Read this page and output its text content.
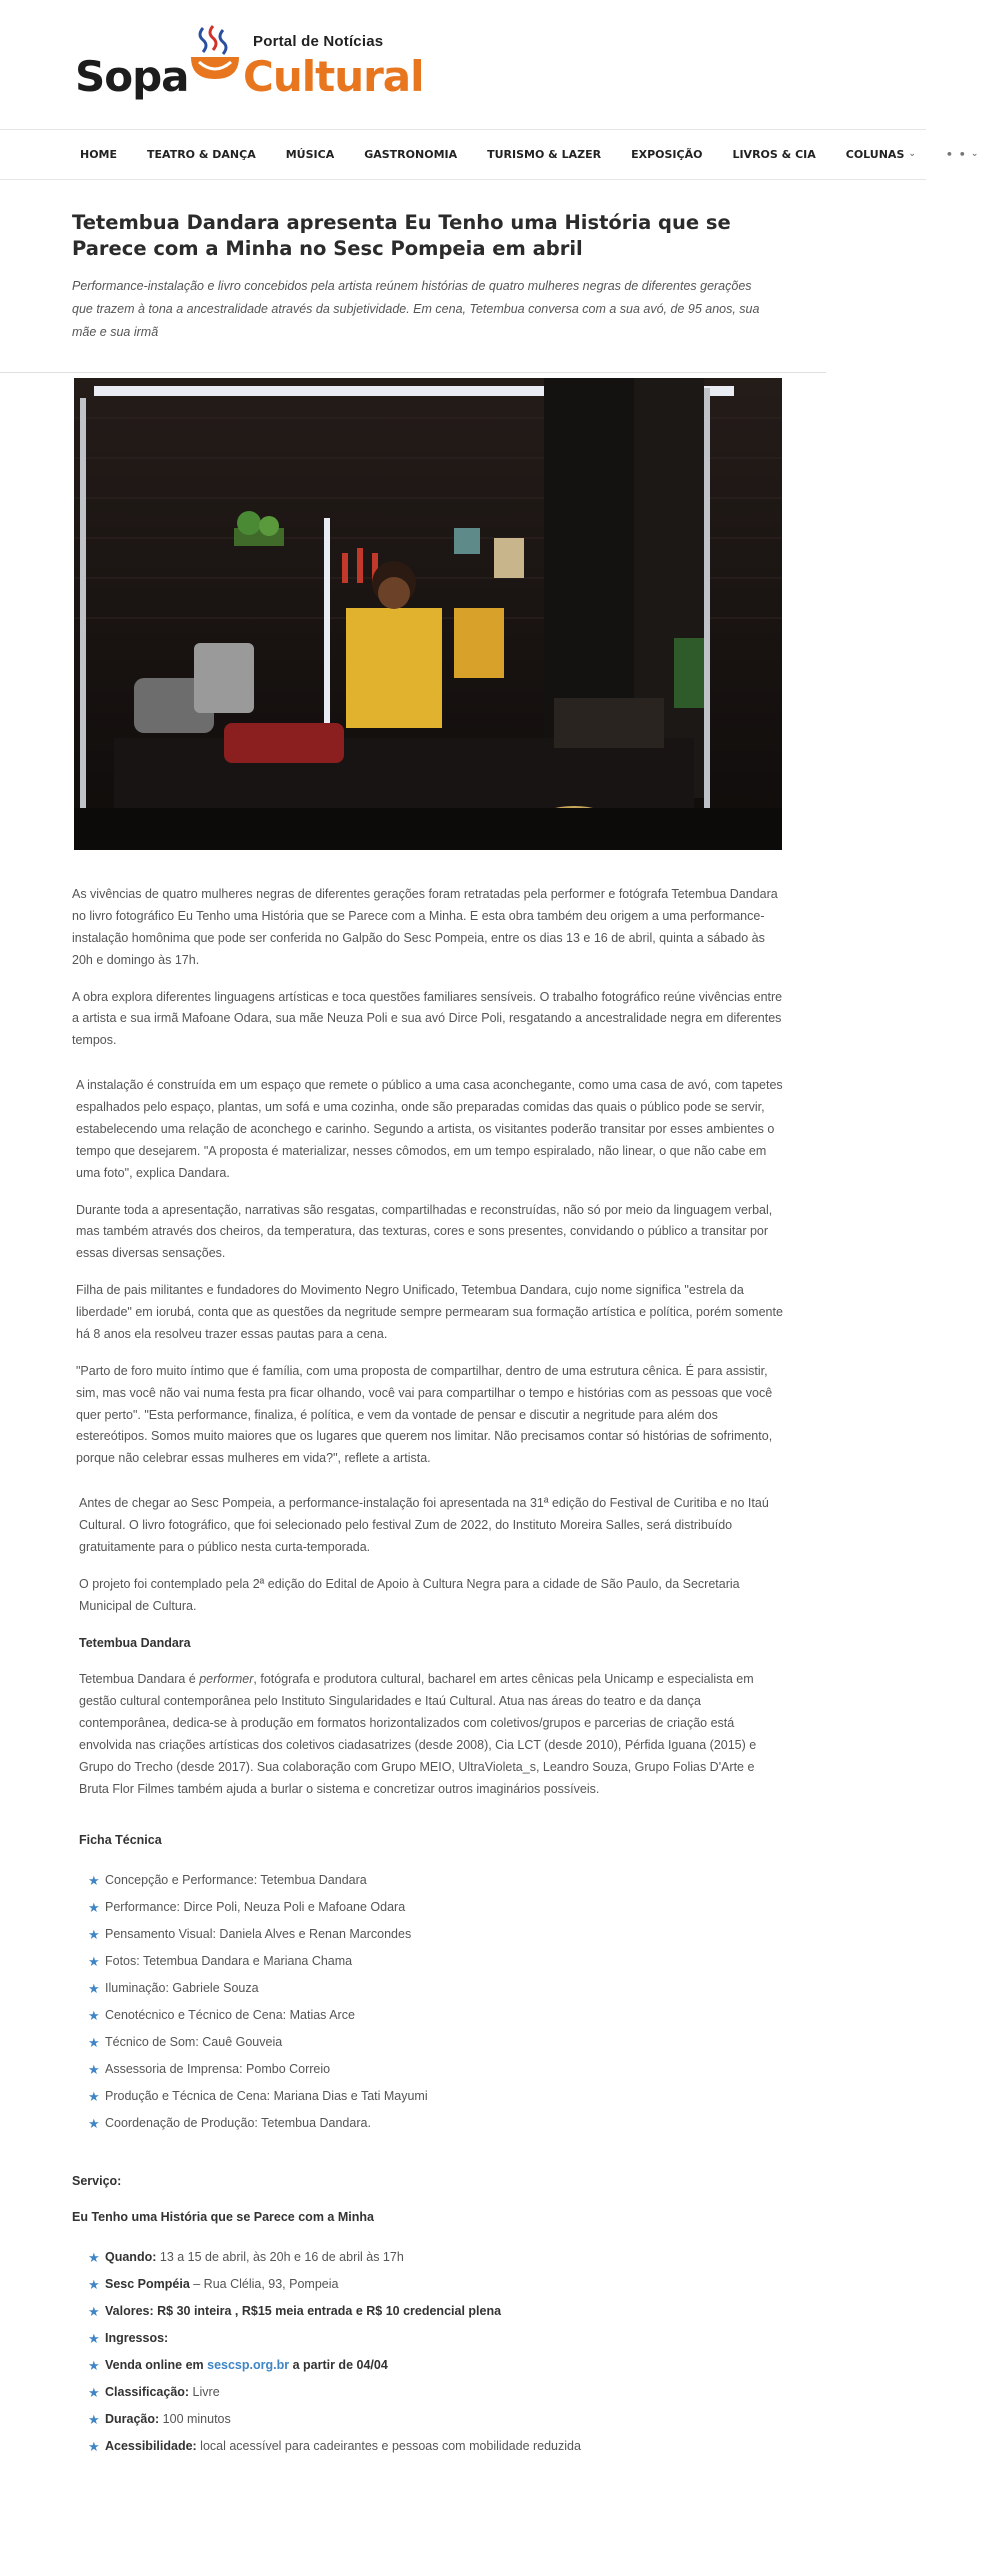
Portal de Notícias
Sopa Cultural
HOME	TEATRO & DANÇA	MÚSICA	GASTRONOMIA	TURISMO & LAZER	EXPOSIÇÃO	LIVROS & CIA	COLUNAS ⌄	• • ⌄
Tetembua Dandara apresenta Eu Tenho uma História que se Parece com a Minha no Sesc Pompeia em abril

Performance-instalação e livro concebidos pela artista reúnem histórias de quatro mulheres negras de diferentes gerações que trazem à tona a ancestralidade através da subjetividade. Em cena, Tetembua conversa com a sua avó, de 95 anos, sua mãe e sua irmã

As vivências de quatro mulheres negras de diferentes gerações foram retratadas pela performer e fotógrafa Tetembua Dandara no livro fotográfico Eu Tenho uma História que se Parece com a Minha. E esta obra também deu origem a uma performance-instalação homônima que pode ser conferida no Galpão do Sesc Pompeia, entre os dias 13 e 16 de abril, quinta a sábado às 20h e domingo às 17h.

A obra explora diferentes linguagens artísticas e toca questões familiares sensíveis. O trabalho fotográfico reúne vivências entre a artista e sua irmã Mafoane Odara, sua mãe Neuza Poli e sua avó Dirce Poli, resgatando a ancestralidade negra em diferentes tempos.

A instalação é construída em um espaço que remete o público a uma casa aconchegante, como uma casa de avó, com tapetes espalhados pelo espaço, plantas, um sofá e uma cozinha, onde são preparadas comidas das quais o público pode se servir, estabelecendo uma relação de aconchego e carinho. Segundo a artista, os visitantes poderão transitar por esses ambientes o tempo que desejarem. "A proposta é materializar, nesses cômodos, em um tempo espiralado, não linear, o que não cabe em uma foto", explica Dandara.

Durante toda a apresentação, narrativas são resgatas, compartilhadas e reconstruídas, não só por meio da linguagem verbal, mas também através dos cheiros, da temperatura, das texturas, cores e sons presentes, convidando o público a transitar por essas diversas sensações.

Filha de pais militantes e fundadores do Movimento Negro Unificado, Tetembua Dandara, cujo nome significa "estrela da liberdade" em iorubá, conta que as questões da negritude sempre permearam sua formação artística e política, porém somente há 8 anos ela resolveu trazer essas pautas para a cena.

"Parto de foro muito íntimo que é família, com uma proposta de compartilhar, dentro de uma estrutura cênica. É para assistir, sim, mas você não vai numa festa pra ficar olhando, você vai para compartilhar o tempo e histórias com as pessoas que você quer perto". "Esta performance, finaliza, é política, e vem da vontade de pensar e discutir a negritude para além dos estereótipos. Somos muito maiores que os lugares que querem nos limitar. Não precisamos contar só histórias de sofrimento, porque não celebrar essas mulheres em vida?", reflete a artista.

Antes de chegar ao Sesc Pompeia, a performance-instalação foi apresentada na 31ª edição do Festival de Curitiba e no Itaú Cultural. O livro fotográfico, que foi selecionado pelo festival Zum de 2022, do Instituto Moreira Salles, será distribuído gratuitamente para o público nesta curta-temporada.

O projeto foi contemplado pela 2ª edição do Edital de Apoio à Cultura Negra para a cidade de São Paulo, da Secretaria Municipal de Cultura.

Tetembua Dandara

Tetembua Dandara é performer, fotógrafa e produtora cultural, bacharel em artes cênicas pela Unicamp e especialista em gestão cultural contemporânea pelo Instituto Singularidades e Itaú Cultural. Atua nas áreas do teatro e da dança contemporânea, dedica-se à produção em formatos horizontalizados com coletivos/grupos e parcerias de criação está envolvida nas criações artísticas dos coletivos ciadasatrizes (desde 2008), Cia LCT (desde 2010), Pérfida Iguana (2015) e Grupo do Trecho (desde 2017). Sua colaboração com Grupo MEIO, UltraVioleta_s, Leandro Souza, Grupo Folias D'Arte e Bruta Flor Filmes também ajuda a burlar o sistema e concretizar outros imaginários possíveis.

Ficha Técnica

★ Concepção e Performance: Tetembua Dandara
★ Performance: Dirce Poli, Neuza Poli e Mafoane Odara
★ Pensamento Visual: Daniela Alves e Renan Marcondes
★ Fotos: Tetembua Dandara e Mariana Chama
★ Iluminação: Gabriele Souza
★ Cenotécnico e Técnico de Cena: Matias Arce
★ Técnico de Som: Cauê Gouveia
★ Assessoria de Imprensa: Pombo Correio
★ Produção e Técnica de Cena: Mariana Dias e Tati Mayumi
★ Coordenação de Produção: Tetembua Dandara.

Serviço:

Eu Tenho uma História que se Parece com a Minha

★ Quando: 13 a 15 de abril, às 20h e 16 de abril às 17h
★ Sesc Pompéia – Rua Clélia, 93, Pompeia
★ Valores: R$ 30 inteira , R$15 meia entrada e R$ 10 credencial plena
★ Ingressos:
★ Venda online em sescsp.org.br a partir de 04/04
★ Classificação: Livre
★ Duração: 100 minutos
★ Acessibilidade: local acessível para cadeirantes e pessoas com mobilidade reduzida
